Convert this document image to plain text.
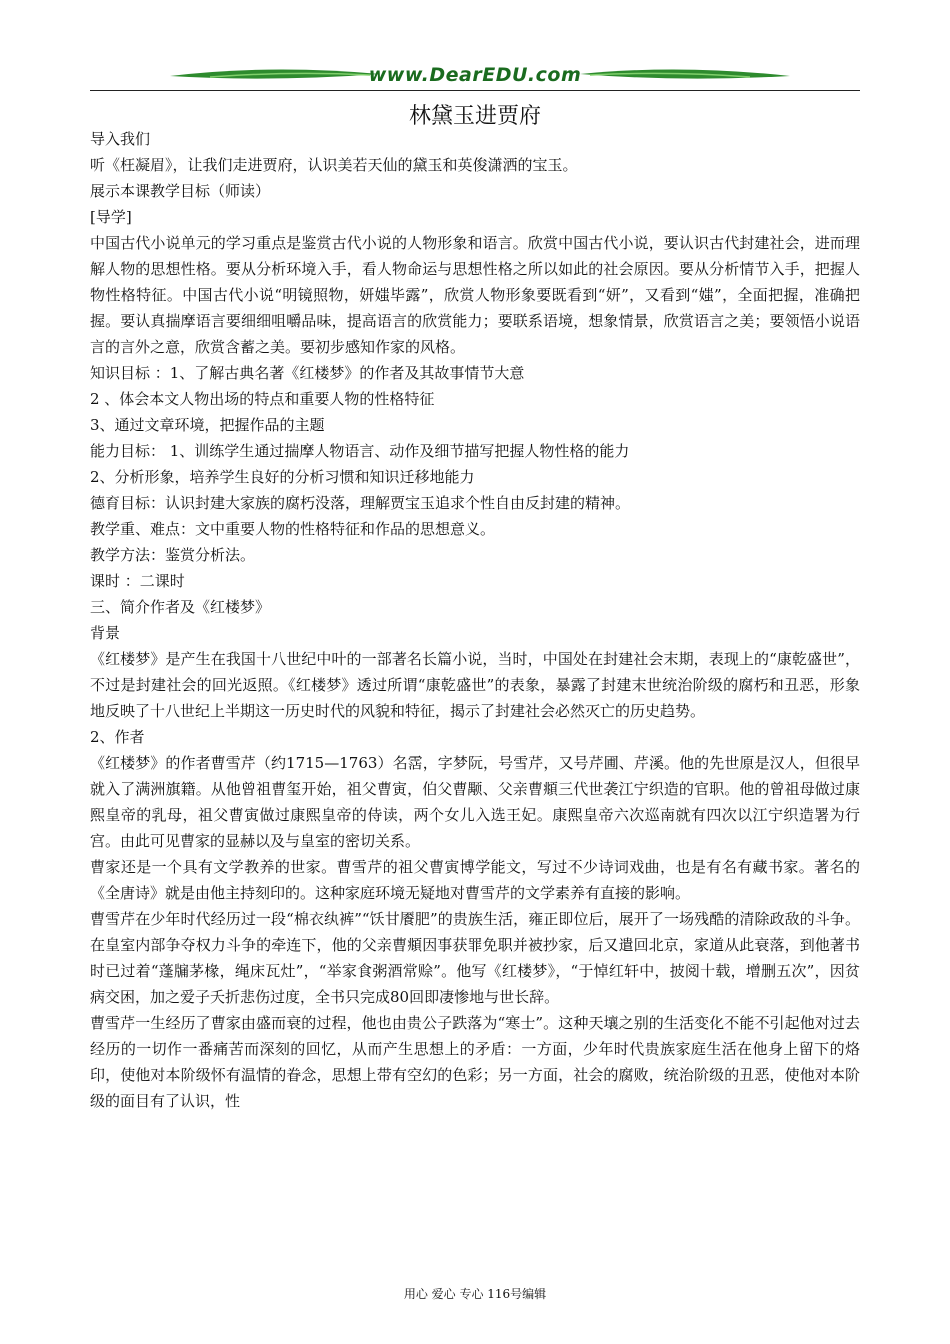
www.DearEDU.com
林黛玉进贾府

导入我们

听《枉凝眉》，让我们走进贾府，认识美若天仙的黛玉和英俊潇洒的宝玉。

展示本课教学目标（师读）

[导学]

中国古代小说单元的学习重点是鉴赏古代小说的人物形象和语言。欣赏中国古代小说，要认识古代封建社会，进而理解人物的思想性格。要从分析环境入手，看人物命运与思想性格之所以如此的社会原因。要从分析情节入手，把握人物性格特征。中国古代小说“明镜照物，妍媸毕露”，欣赏人物形象要既看到“妍”，又看到“媸”，全面把握，准确把握。要认真揣摩语言要细细咀嚼品味，提高语言的欣赏能力；要联系语境，想象情景，欣赏语言之美；要领悟小说语言的言外之意，欣赏含蓄之美。要初步感知作家的风格。

知识目标 ：1、了解古典名著《红楼梦》的作者及其故事情节大意

2 、体会本文人物出场的特点和重要人物的性格特征

3、通过文章环境，把握作品的主题

能力目标： 1、训练学生通过揣摩人物语言、动作及细节描写把握人物性格的能力

2、分析形象，培养学生良好的分析习惯和知识迁移地能力

德育目标：认识封建大家族的腐朽没落，理解贾宝玉追求个性自由反封建的精神。

教学重、难点：文中重要人物的性格特征和作品的思想意义。

教学方法：鉴赏分析法。

课时 ：二课时

三、简介作者及《红楼梦》

背景

《红楼梦》是产生在我国十八世纪中叶的一部著名长篇小说，当时，中国处在封建社会末期，表现上的“康乾盛世”，不过是封建社会的回光返照。《红楼梦》透过所谓“康乾盛世”的表象，暴露了封建末世统治阶级的腐朽和丑恶，形象地反映了十八世纪上半期这一历史时代的风貌和特征，揭示了封建社会必然灭亡的历史趋势。

2、作者

《红楼梦》的作者曹雪芹（约1715—1763）名霑，字梦阮，号雪芹，又号芹圃、芹溪。他的先世原是汉人，但很早就入了满洲旗籍。从他曾祖曹玺开始，祖父曹寅，伯父曹颙、父亲曹頫三代世袭江宁织造的官职。他的曾祖母做过康熙皇帝的乳母，祖父曹寅做过康熙皇帝的侍读，两个女儿入选王妃。康熙皇帝六次巡南就有四次以江宁织造署为行宫。由此可见曹家的显赫以及与皇室的密切关系。

曹家还是一个具有文学教养的世家。曹雪芹的祖父曹寅博学能文，写过不少诗词戏曲，也是有名有藏书家。著名的《全唐诗》就是由他主持刻印的。这种家庭环境无疑地对曹雪芹的文学素养有直接的影响。

曹雪芹在少年时代经历过一段“棉衣纨裤”“饫甘餍肥”的贵族生活，雍正即位后，展开了一场残酷的清除政敌的斗争。在皇室内部争夺权力斗争的牵连下，他的父亲曹頫因事获罪免职并被抄家，后又遣回北京，家道从此衰落，到他著书时已过着“蓬牖茅椽，绳床瓦灶”，“举家食粥酒常赊”。他写《红楼梦》，“于悼红轩中，披阅十载，增删五次”，因贫病交困，加之爱子夭折悲伤过度，全书只完成80回即凄惨地与世长辞。

曹雪芹一生经历了曹家由盛而衰的过程，他也由贵公子跌落为“寒士”。这种天壤之别的生活变化不能不引起他对过去经历的一切作一番痛苦而深刻的回忆，从而产生思想上的矛盾：一方面，少年时代贵族家庭生活在他身上留下的烙印，使他对本阶级怀有温情的眷念，思想上带有空幻的色彩；另一方面，社会的腐败，统治阶级的丑恶，使他对本阶级的面目有了认识，性

用心 爱心 专心 116号编辑
